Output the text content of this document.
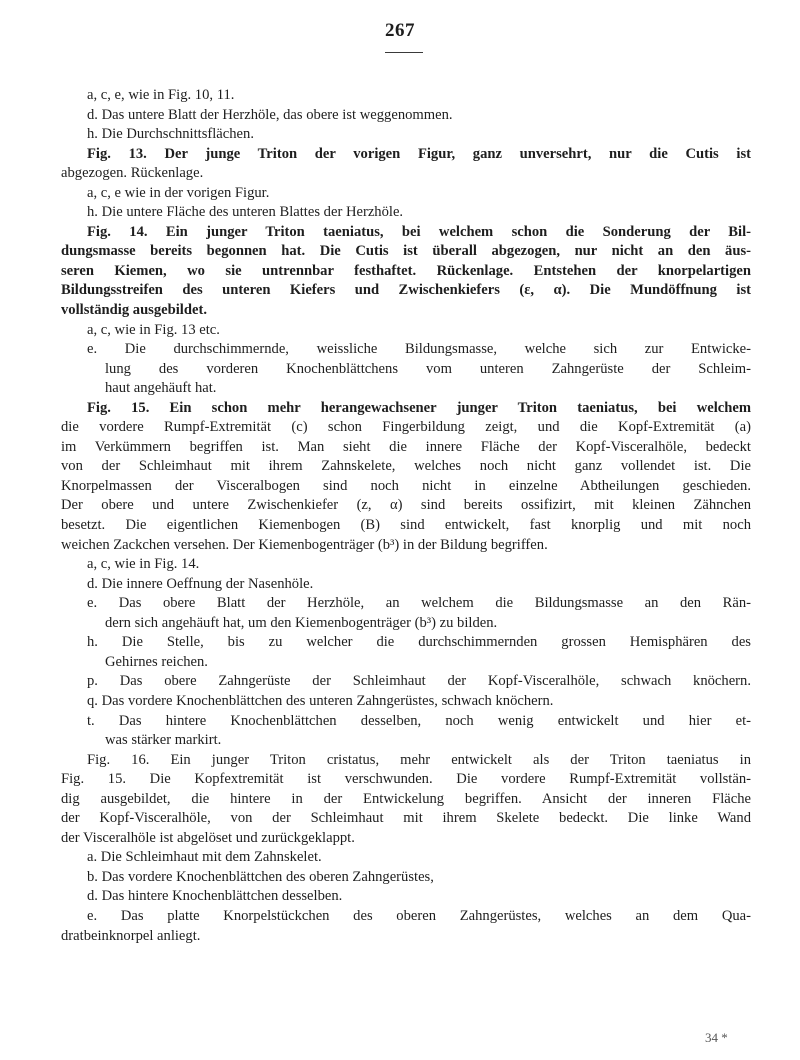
267
a, c, e, wie in Fig. 10, 11.
d. Das untere Blatt der Herzhöle, das obere ist weggenommen.
h. Die Durchschnittsflächen.
Fig. 13. Der junge Triton der vorigen Figur, ganz unversehrt, nur die Cutis ist
abgezogen. Rückenlage.
a, c, e wie in der vorigen Figur.
h. Die untere Fläche des unteren Blattes der Herzhöle.
Fig. 14. Ein junger Triton taeniatus, bei welchem schon die Sonderung der Bil-
dungsmasse bereits begonnen hat. Die Cutis ist überall abgezogen, nur nicht an den äus-
seren Kiemen, wo sie untrennbar festhaftet. Rückenlage. Entstehen der knorpelartigen
Bildungsstreifen des unteren Kiefers und Zwischenkiefers (ε, α). Die Mundöffnung ist
vollständig ausgebildet.
a, c, wie in Fig. 13 etc.
e. Die durchschimmernde, weissliche Bildungsmasse, welche sich zur Entwicke-
lung des vorderen Knochenblättchens vom unteren Zahngerüste der Schleim-
haut angehäuft hat.
Fig. 15. Ein schon mehr herangewachsener junger Triton taeniatus, bei welchem
die vordere Rumpf-Extremität (c) schon Fingerbildung zeigt, und die Kopf-Extremität (a)
im Verkümmern begriffen ist. Man sieht die innere Fläche der Kopf-Visceralhöle, bedeckt
von der Schleimhaut mit ihrem Zahnskelete, welches noch nicht ganz vollendet ist. Die
Knorpelmassen der Visceralbogen sind noch nicht in einzelne Abtheilungen geschieden.
Der obere und untere Zwischenkiefer (z, α) sind bereits ossifizirt, mit kleinen Zähnchen
besetzt. Die eigentlichen Kiemenbogen (B) sind entwickelt, fast knorplig und mit noch
weichen Zackchen versehen. Der Kiemenbogenträger (b³) in der Bildung begriffen.
a, c, wie in Fig. 14.
d. Die innere Oeffnung der Nasenhöle.
e. Das obere Blatt der Herzhöle, an welchem die Bildungsmasse an den Rän-
dern sich angehäuft hat, um den Kiemenbogenträger (b³) zu bilden.
h. Die Stelle, bis zu welcher die durchschimmernden grossen Hemisphären des
Gehirnes reichen.
p. Das obere Zahngerüste der Schleimhaut der Kopf-Visceralhöle, schwach knöchern.
q. Das vordere Knochenblättchen des unteren Zahngerüstes, schwach knöchern.
t. Das hintere Knochenblättchen desselben, noch wenig entwickelt und hier et-
was stärker markirt.
Fig. 16. Ein junger Triton cristatus, mehr entwickelt als der Triton taeniatus in
Fig. 15. Die Kopfextremität ist verschwunden. Die vordere Rumpf-Extremität vollstän-
dig ausgebildet, die hintere in der Entwickelung begriffen. Ansicht der inneren Fläche
der Kopf-Visceralhöle, von der Schleimhaut mit ihrem Skelete bedeckt. Die linke Wand
der Visceralhöle ist abgelöset und zurückgeklappt.
a. Die Schleimhaut mit dem Zahnskelet.
b. Das vordere Knochenblättchen des oberen Zahngerüstes,
d. Das hintere Knochenblättchen desselben.
e. Das platte Knorpelstückchen des oberen Zahngerüstes, welches an dem Qua-
dratbeinknorpel anliegt.
34 *
